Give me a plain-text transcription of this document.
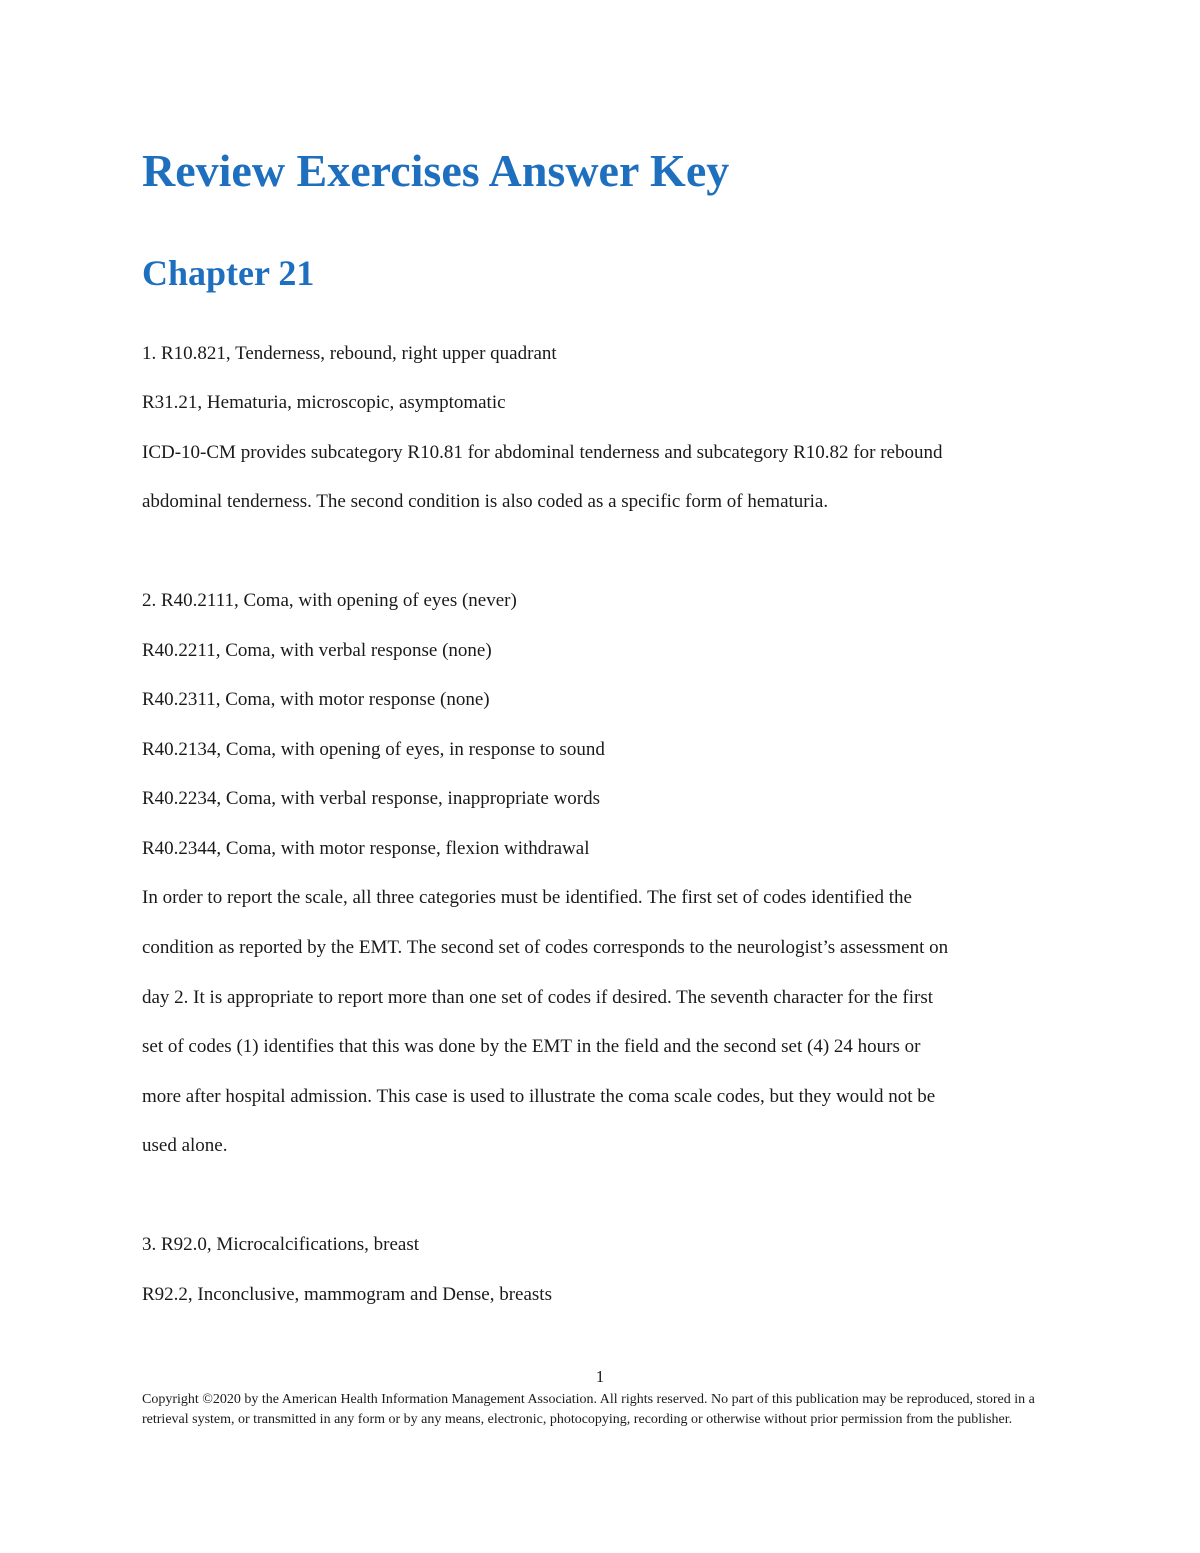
Review Exercises Answer Key
Chapter 21

1. R10.821, Tenderness, rebound, right upper quadrant

R31.21, Hematuria, microscopic, asymptomatic

ICD-10-CM provides subcategory R10.81 for abdominal tenderness and subcategory R10.82 for rebound

abdominal tenderness. The second condition is also coded as a specific form of hematuria.

2. R40.2111, Coma, with opening of eyes (never)

R40.2211, Coma, with verbal response (none)

R40.2311, Coma, with motor response (none)

R40.2134, Coma, with opening of eyes, in response to sound

R40.2234, Coma, with verbal response, inappropriate words

R40.2344, Coma, with motor response, flexion withdrawal

In order to report the scale, all three categories must be identified. The first set of codes identified the

condition as reported by the EMT. The second set of codes corresponds to the neurologist’s assessment on

day 2. It is appropriate to report more than one set of codes if desired. The seventh character for the first

set of codes (1) identifies that this was done by the EMT in the field and the second set (4) 24 hours or

more after hospital admission. This case is used to illustrate the coma scale codes, but they would not be

used alone.

3. R92.0, Microcalcifications, breast

R92.2, Inconclusive, mammogram and Dense, breasts

1

Copyright ©2020 by the American Health Information Management Association. All rights reserved. No part of this publication may be reproduced, stored in a retrieval system, or transmitted in any form or by any means, electronic, photocopying, recording or otherwise without prior permission from the publisher.
